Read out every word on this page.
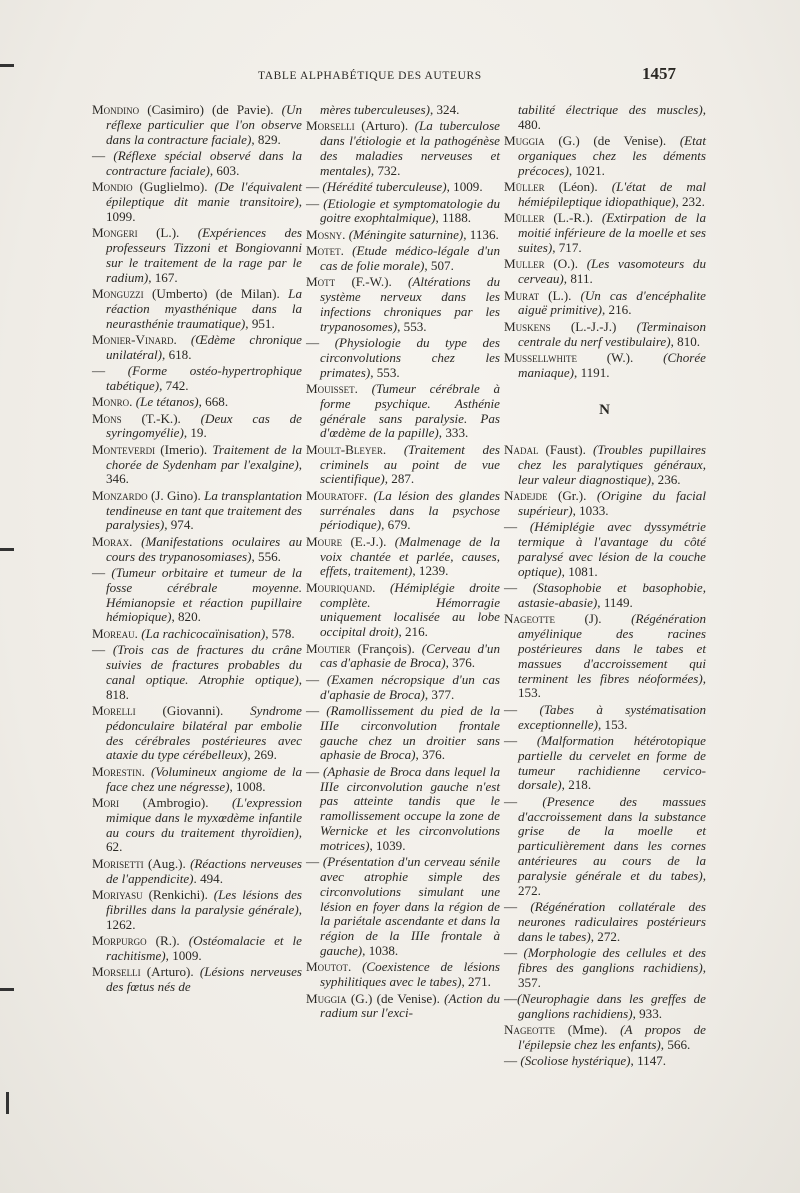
TABLE ALPHABÉTIQUE DES AUTEURS	1457
Mondino (Casimiro) (de Pavie). (Un réflexe particulier que l'on observe dans la contracture faciale), 829.
— (Réflexe spécial observé dans la contracture faciale), 603.
Mondio (Guglielmo). (De l'équivalent épileptique dit manie transitoire), 1099.
Mongeri (L.). (Expériences des professeurs Tizzoni et Bongiovanni sur le traitement de la rage par le radium), 167.
Monguzzi (Umberto) (de Milan). La réaction myasthénique dans la neurasthénie traumatique), 951.
Monier-Vinard. (Œdème chronique unilatéral), 618.
— (Forme ostéo-hypertrophique tabétique), 742.
Monro. (Le tétanos), 668.
Mons (T.-K.). (Deux cas de syringomyélie), 19.
Monteverdi (Imerio). Traitement de la chorée de Sydenham par l'exalgine), 346.
Monzardo (J. Gino). La transplantation tendineuse en tant que traitement des paralysies), 974.
Morax. (Manifestations oculaires au cours des trypanosomiases), 556.
— (Tumeur orbitaire et tumeur de la fosse cérébrale moyenne. Hémianopsie et réaction pupillaire hémiopique), 820.
Moreau. (La rachicocaïnisation), 578.
— (Trois cas de fractures du crâne suivies de fractures probables du canal optique. Atrophie optique), 818.
Morelli (Giovanni). Syndrome pédonculaire bilatéral par embolie des cérébrales postérieures avec ataxie du type cérébelleux), 269.
Morestin. (Volumineux angiome de la face chez une négresse), 1008.
Mori (Ambrogio). (L'expression mimique dans le myxœdème infantile au cours du traitement thyroïdien), 62.
Morisetti (Aug.). (Réactions nerveuses de l'appendicite). 494.
Moriyasu (Renkichi). (Les lésions des fibrilles dans la paralysie générale), 1262.
Morpurgo (R.). (Ostéomalacie et le rachitisme), 1009.
Morselli (Arturo). (Lésions nerveuses des fœtus nés de
mères tuberculeuses), 324.
Morselli (Arturo). (La tuberculose dans l'étiologie et la pathogénèse des maladies nerveuses et mentales), 732.
— (Hérédité tuberculeuse), 1009.
— (Etiologie et symptomatologie du goitre exophtalmique), 1188.
Mosny. (Méningite saturnine), 1136.
Motet. (Etude médico-légale d'un cas de folie morale), 507.
Mott (F.-W.). (Altérations du système nerveux dans les infections chroniques par les trypanosomes), 553.
— (Physiologie du type des circonvolutions chez les primates), 553.
Mouisset. (Tumeur cérébrale à forme psychique. Asthénie générale sans paralysie. Pas d'œdème de la papille), 333.
Moult-Bleyer. (Traitement des criminels au point de vue scientifique), 287.
Mouratoff. (La lésion des glandes surrénales dans la psychose périodique), 679.
Moure (E.-J.). (Malmenage de la voix chantée et parlée, causes, effets, traitement), 1239.
Mouriquand. (Hémiplégie droite complète. Hémorragie uniquement localisée au lobe occipital droit), 216.
Moutier (François). (Cerveau d'un cas d'aphasie de Broca), 376.
— (Examen nécropsique d'un cas d'aphasie de Broca), 377.
— (Ramollissement du pied de la IIIe circonvolution frontale gauche chez un droitier sans aphasie de Broca), 376.
— (Aphasie de Broca dans lequel la IIIe circonvolution gauche n'est pas atteinte tandis que le ramollissement occupe la zone de Wernicke et les circonvolutions motrices), 1039.
— (Présentation d'un cerveau sénile avec atrophie simple des circonvolutions simulant une lésion en foyer dans la région de la pariétale ascendante et dans la région de la IIIe frontale à gauche), 1038.
Moutot. (Coexistence de lésions syphilitiques avec le tabes), 271.
Muggia (G.) (de Venise). (Action du radium sur l'exci-
tabilité électrique des muscles), 480.
Muggia (G.) (de Venise). (Etat organiques chez les déments précoces), 1021.
Müller (Léon). (L'état de mal hémiépileptique idiopathique), 232.
Müller (L.-R.). (Extirpation de la moitié inférieure de la moelle et ses suites), 717.
Muller (O.). (Les vasomoteurs du cerveau), 811.
Murat (L.). (Un cas d'encéphalite aiguë primitive), 216.
Muskens (L.-J.-J.) (Terminaison centrale du nerf vestibulaire), 810.
Mussellwhite (W.). (Chorée maniaque), 1191.
N
Nadal (Faust). (Troubles pupillaires chez les paralytiques généraux, leur valeur diagnostique), 236.
Nadejde (Gr.). (Origine du facial supérieur), 1033.
— (Hémiplégie avec dyssymétrie termique à l'avantage du côté paralysé avec lésion de la couche optique), 1081.
— (Stasophobie et basophobie, astasie-abasie), 1149.
Nageotte (J). (Régénération amyélinique des racines postérieures dans le tabes et massues d'accroissement qui terminent les fibres néoformées), 153.
— (Tabes à systématisation exceptionnelle), 153.
— (Malformation hétérotopique partielle du cervelet en forme de tumeur rachidienne cervico-dorsale), 218.
— (Presence des massues d'accroissement dans la substance grise de la moelle et particulièrement dans les cornes antérieures au cours de la paralysie générale et du tabes), 272.
— (Régénération collatérale des neurones radiculaires postérieurs dans le tabes), 272.
— (Morphologie des cellules et des fibres des ganglions rachidiens), 357.
—(Neurophagie dans les greffes de ganglions rachidiens), 933.
Nageotte (Mme). (A propos de l'épilepsie chez les enfants), 566.
— (Scoliose hystérique), 1147.
